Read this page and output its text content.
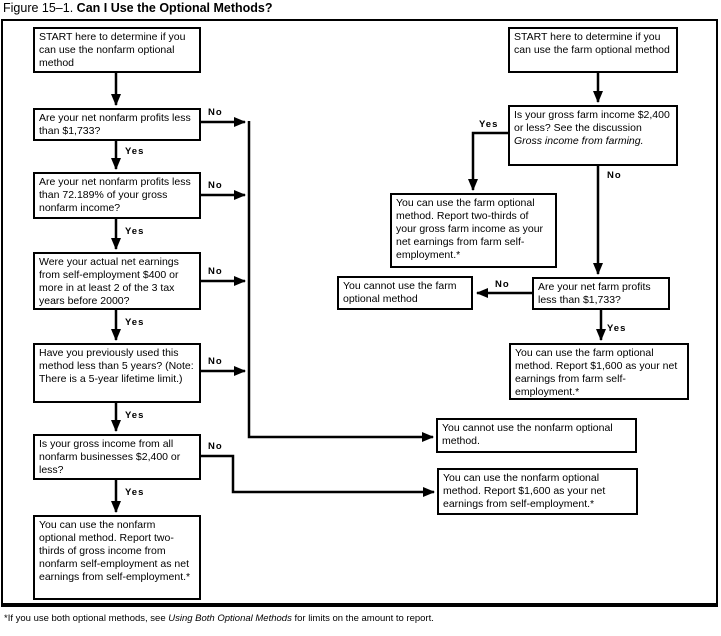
Figure 15–1. Can I Use the Optional Methods?
START here to determine if you can use the nonfarm optional method
Are your net nonfarm profits less than $1,733?
Are your net nonfarm profits less than 72.189% of your gross nonfarm income?
Were your actual net earnings from self-employment $400 or more in at least 2 of the 3 tax years before 2000?
Have you previously used this method less than 5 years? (Note: There is a 5-year lifetime limit.)
Is your gross income from all nonfarm businesses $2,400 or less?
You can use the nonfarm optional method. Report two-thirds of gross income from nonfarm self-employment as net earnings from self-employment.*
START here to determine if you can use the farm optional method
Is your gross farm income $2,400 or less? See the discussion Gross income from farming.
You can use the farm optional method. Report two-thirds of your gross farm income as your net earnings from farm self-employment.*
You cannot use the farm optional method
Are your net farm profits less than $1,733?
You can use the farm optional method. Report $1,600 as your net earnings from farm self-employment.*
You cannot use the nonfarm optional method.
You can use the nonfarm optional method. Report $1,600 as your net earnings from self-employment.*
Yes
Yes
Yes
Yes
Yes
No
No
No
No
No
Yes
No
No
Yes
*If you use both optional methods, see Using Both Optional Methods for limits on the amount to report.
